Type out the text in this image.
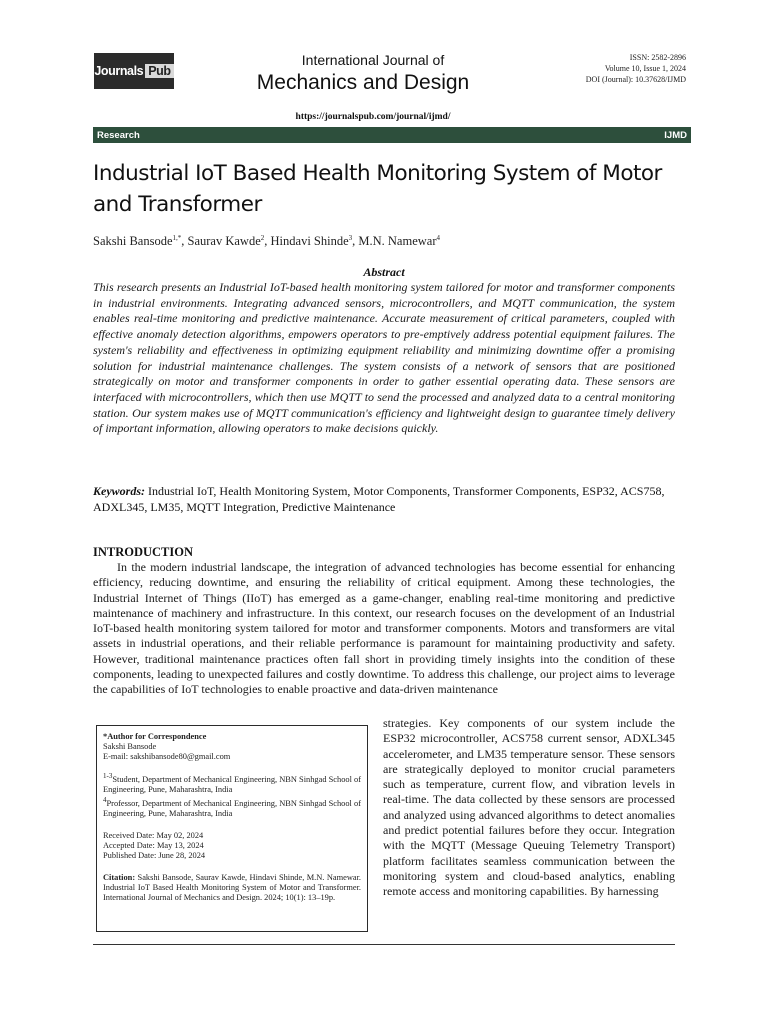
Journals Pub
International Journal of
Mechanics and Design
ISSN: 2582-2896
Volume 10, Issue 1, 2024
DOI (Journal): 10.37628/IJMD
https://journalspub.com/journal/ijmd/
Research	IJMD
Industrial IoT Based Health Monitoring System of Motor and Transformer
Sakshi Bansode$^{1,*}$, Saurav Kawde$^2$, Hindavi Shinde$^3$, M.N. Namewar$^4$
Abstract
This research presents an Industrial IoT-based health monitoring system tailored for motor and transformer components in industrial environments. Integrating advanced sensors, microcontrollers, and MQTT communication, the system enables real-time monitoring and predictive maintenance. Accurate measurement of critical parameters, coupled with effective anomaly detection algorithms, empowers operators to pre-emptively address potential equipment failures. The system's reliability and effectiveness in optimizing equipment reliability and minimizing downtime offer a promising solution for industrial maintenance challenges. The system consists of a network of sensors that are positioned strategically on motor and transformer components in order to gather essential operating data. These sensors are interfaced with microcontrollers, which then use MQTT to send the processed and analyzed data to a central monitoring station. Our system makes use of MQTT communication's efficiency and lightweight design to guarantee timely delivery of important information, allowing operators to make decisions quickly.
Keywords: Industrial IoT, Health Monitoring System, Motor Components, Transformer Components, ESP32, ACS758, ADXL345, LM35, MQTT Integration, Predictive Maintenance
INTRODUCTION
In the modern industrial landscape, the integration of advanced technologies has become essential for enhancing efficiency, reducing downtime, and ensuring the reliability of critical equipment. Among these technologies, the Industrial Internet of Things (IIoT) has emerged as a game-changer, enabling real-time monitoring and predictive maintenance of machinery and infrastructure. In this context, our research focuses on the development of an Industrial IoT-based health monitoring system tailored for motor and transformer components. Motors and transformers are vital assets in industrial operations, and their reliable performance is paramount for maintaining productivity and safety. However, traditional maintenance practices often fall short in providing timely insights into the condition of these components, leading to unexpected failures and costly downtime. To address this challenge, our project aims to leverage the capabilities of IoT technologies to enable proactive and data-driven maintenance
strategies. Key components of our system include the ESP32 microcontroller, ACS758 current sensor, ADXL345 accelerometer, and LM35 temperature sensor. These sensors are strategically deployed to monitor crucial parameters such as temperature, current flow, and vibration levels in real-time. The data collected by these sensors are processed and analyzed using advanced algorithms to detect anomalies and predict potential failures before they occur. Integration with the MQTT (Message Queuing Telemetry Transport) platform facilitates seamless communication between the monitoring system and cloud-based analytics, enabling remote access and monitoring capabilities. By harnessing

*Author for Correspondence

Sakshi Bansode

E-mail: sakshibansode80@gmail.com

$^{1-3}$Student, Department of Mechanical Engineering, NBN Sinhgad School of Engineering, Pune, Maharashtra, India

$^4$Professor, Department of Mechanical Engineering, NBN Sinhgad School of Engineering, Pune, Maharashtra, India

Received Date: May 02, 2024

Accepted Date: May 13, 2024

Published Date: June 28, 2024

Citation: Sakshi Bansode, Saurav Kawde, Hindavi Shinde, M.N. Namewar. Industrial IoT Based Health Monitoring System of Motor and Transformer. International Journal of Mechanics and Design. 2024; 10(1): 13–19p.
